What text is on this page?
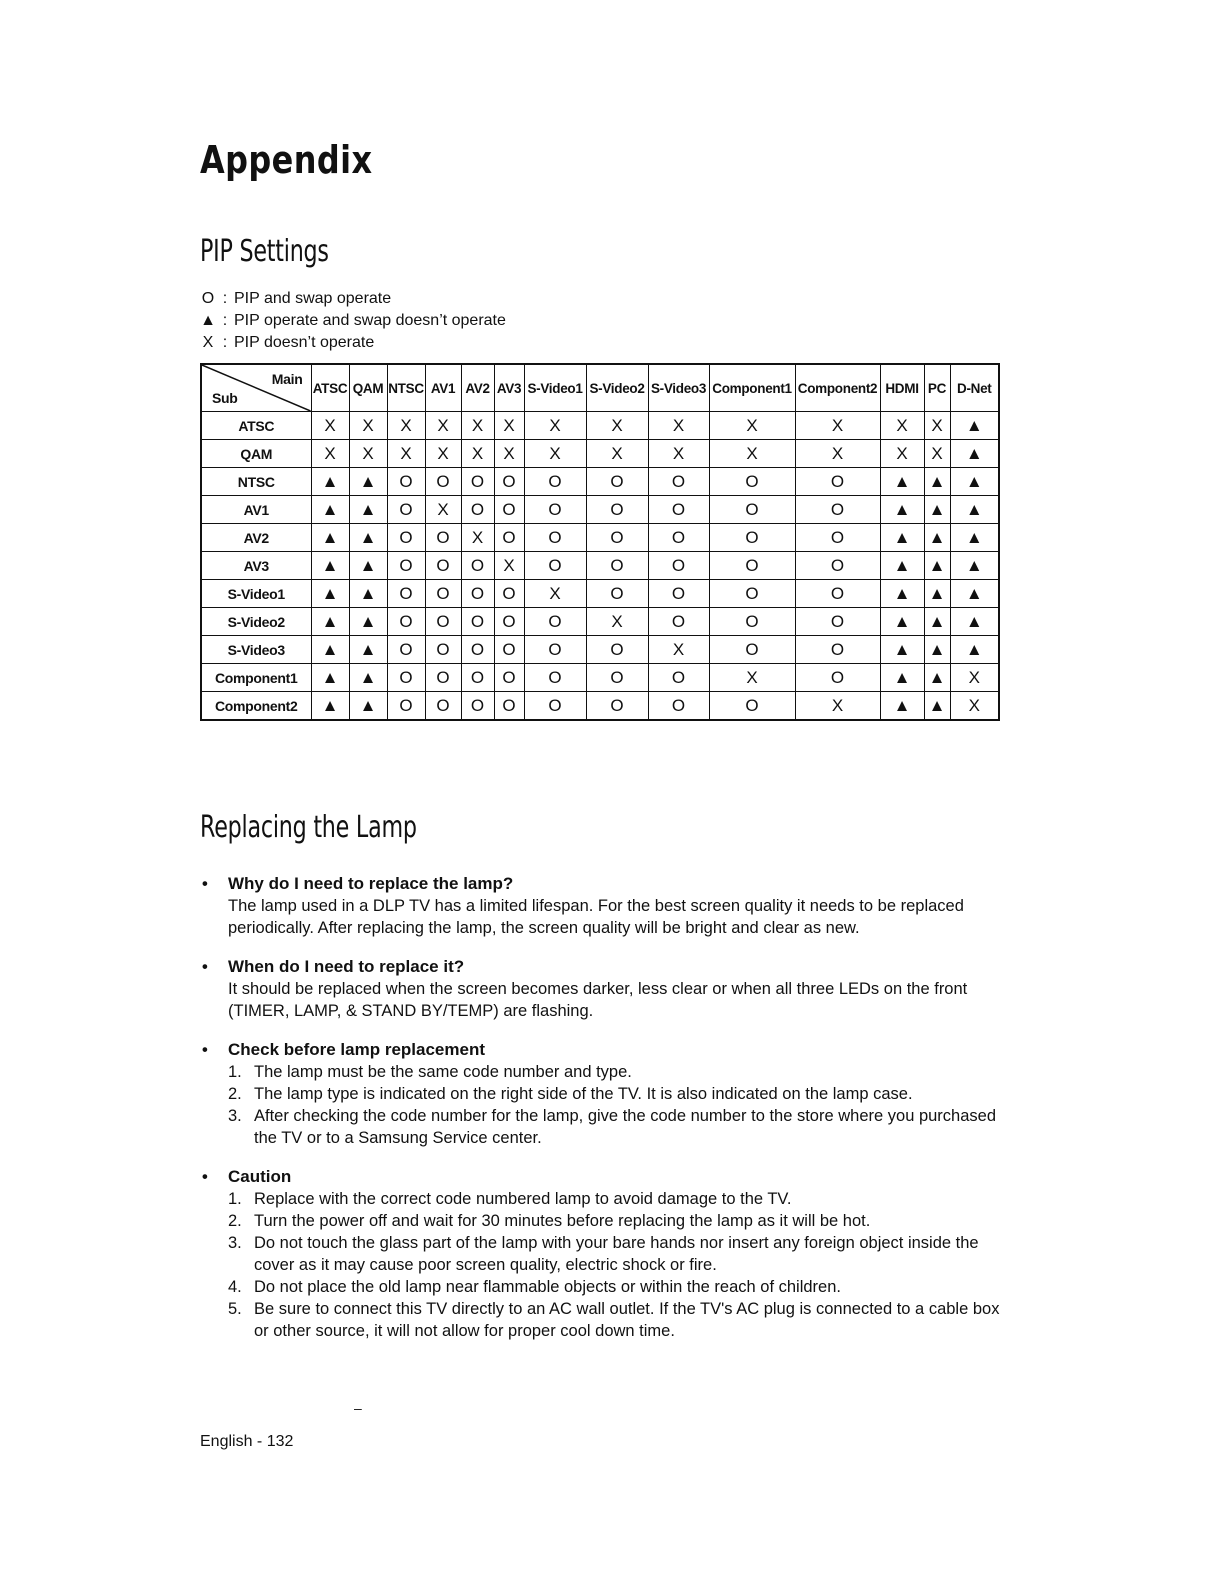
Appendix
PIP Settings
O : PIP and swap operate
▲ : PIP operate and swap doesn’t operate
X : PIP doesn’t operate
Main
Sub	ATSC	QAM	NTSC	AV1	AV2	AV3	S-Video1	S-Video2	S-Video3	Component1	Component2	HDMI	PC	D-Net
ATSC	X	X	X	X	X	X	X	X	X	X	X	X	X	▲
QAM	X	X	X	X	X	X	X	X	X	X	X	X	X	▲
NTSC	▲	▲	O	O	O	O	O	O	O	O	O	▲	▲	▲
AV1	▲	▲	O	X	O	O	O	O	O	O	O	▲	▲	▲
AV2	▲	▲	O	O	X	O	O	O	O	O	O	▲	▲	▲
AV3	▲	▲	O	O	O	X	O	O	O	O	O	▲	▲	▲
S-Video1	▲	▲	O	O	O	O	X	O	O	O	O	▲	▲	▲
S-Video2	▲	▲	O	O	O	O	O	X	O	O	O	▲	▲	▲
S-Video3	▲	▲	O	O	O	O	O	O	X	O	O	▲	▲	▲
Component1	▲	▲	O	O	O	O	O	O	O	X	O	▲	▲	X
Component2	▲	▲	O	O	O	O	O	O	O	O	X	▲	▲	X
Replacing the Lamp
• Why do I need to replace the lamp?

The lamp used in a DLP TV has a limited lifespan. For the best screen quality it needs to be replaced periodically. After replacing the lamp, the screen quality will be bright and clear as new.

• When do I need to replace it?

It should be replaced when the screen becomes darker, less clear or when all three LEDs on the front (TIMER, LAMP, & STAND BY/TEMP) are flashing.

• Check before lamp replacement
1. The lamp must be the same code number and type.
2. The lamp type is indicated on the right side of the TV. It is also indicated on the lamp case.
3. After checking the code number for the lamp, give the code number to the store where you purchased the TV or to a Samsung Service center.
• Caution
1. Replace with the correct code numbered lamp to avoid damage to the TV.
2. Turn the power off and wait for 30 minutes before replacing the lamp as it will be hot.
3. Do not touch the glass part of the lamp with your bare hands nor insert any foreign object inside the cover as it may cause poor screen quality, electric shock or fire.
4. Do not place the old lamp near flammable objects or within the reach of children.
5. Be sure to connect this TV directly to an AC wall outlet. If the TV's AC plug is connected to a cable box or other source, it will not allow for proper cool down time.
–
English - 132
